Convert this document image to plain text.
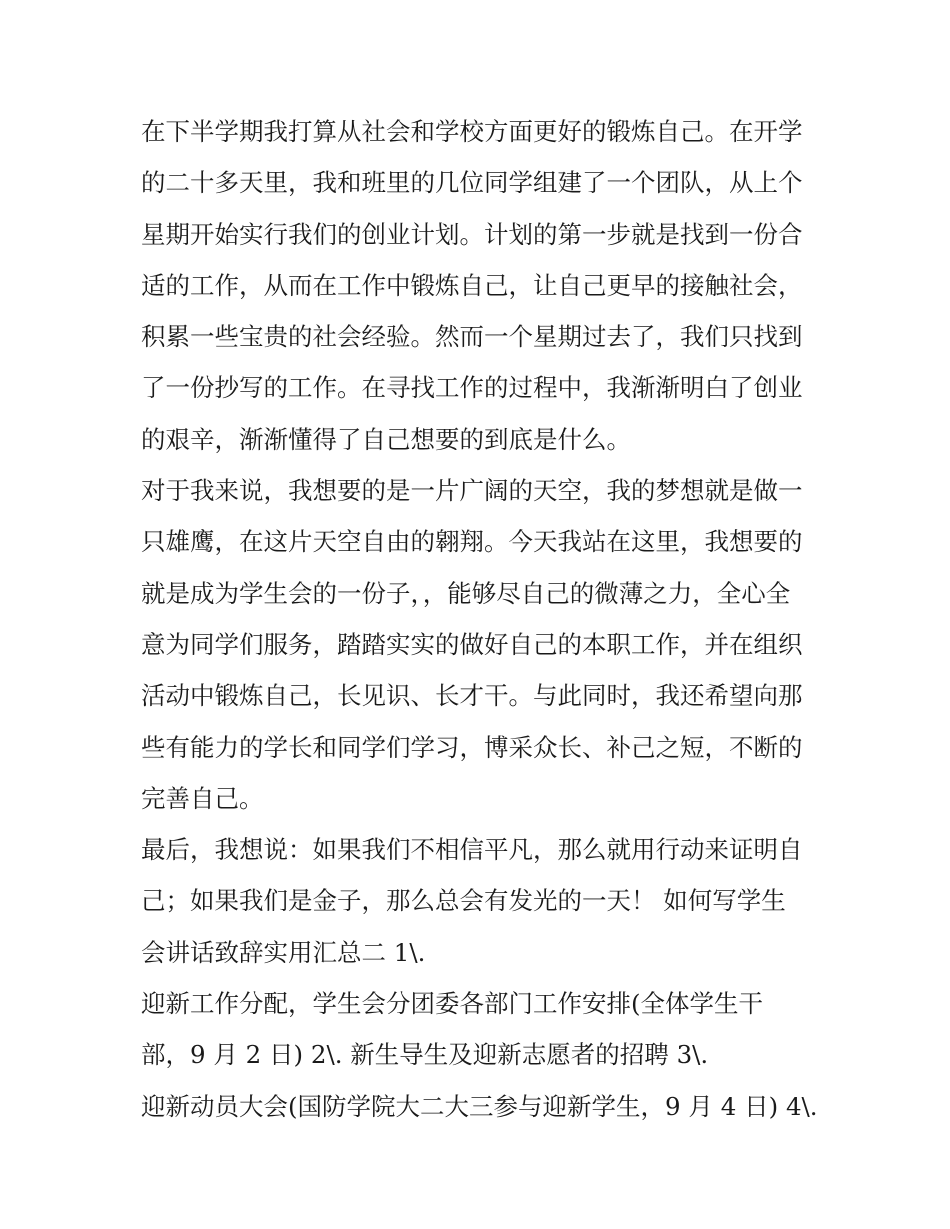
在下半学期我打算从社会和学校方面更好的锻炼自己。在开学
的二十多天里，我和班里的几位同学组建了一个团队，从上个
星期开始实行我们的创业计划。计划的第一步就是找到一份合
适的工作，从而在工作中锻炼自己，让自己更早的接触社会，
积累一些宝贵的社会经验。然而一个星期过去了，我们只找到
了一份抄写的工作。在寻找工作的过程中，我渐渐明白了创业
的艰辛，渐渐懂得了自己想要的到底是什么。

对于我来说，我想要的是一片广阔的天空，我的梦想就是做一
只雄鹰，在这片天空自由的翱翔。今天我站在这里，我想要的
就是成为学生会的一份子，，能够尽自己的微薄之力，全心全
意为同学们服务，踏踏实实的做好自己的本职工作，并在组织
活动中锻炼自己，长见识、长才干。与此同时，我还希望向那
些有能力的学长和同学们学习，博采众长、补己之短，不断的
完善自己。

最后，我想说：如果我们不相信平凡，那么就用行动来证明自
己；如果我们是金子，那么总会有发光的一天！ 如何写学生
会讲话致辞实用汇总二 1\.

迎新工作分配，学生会分团委各部门工作安排(全体学生干
部，9 月 2 日) 2\. 新生导生及迎新志愿者的招聘 3\.

迎新动员大会(国防学院大二大三参与迎新学生，9 月 4 日) 4\.
